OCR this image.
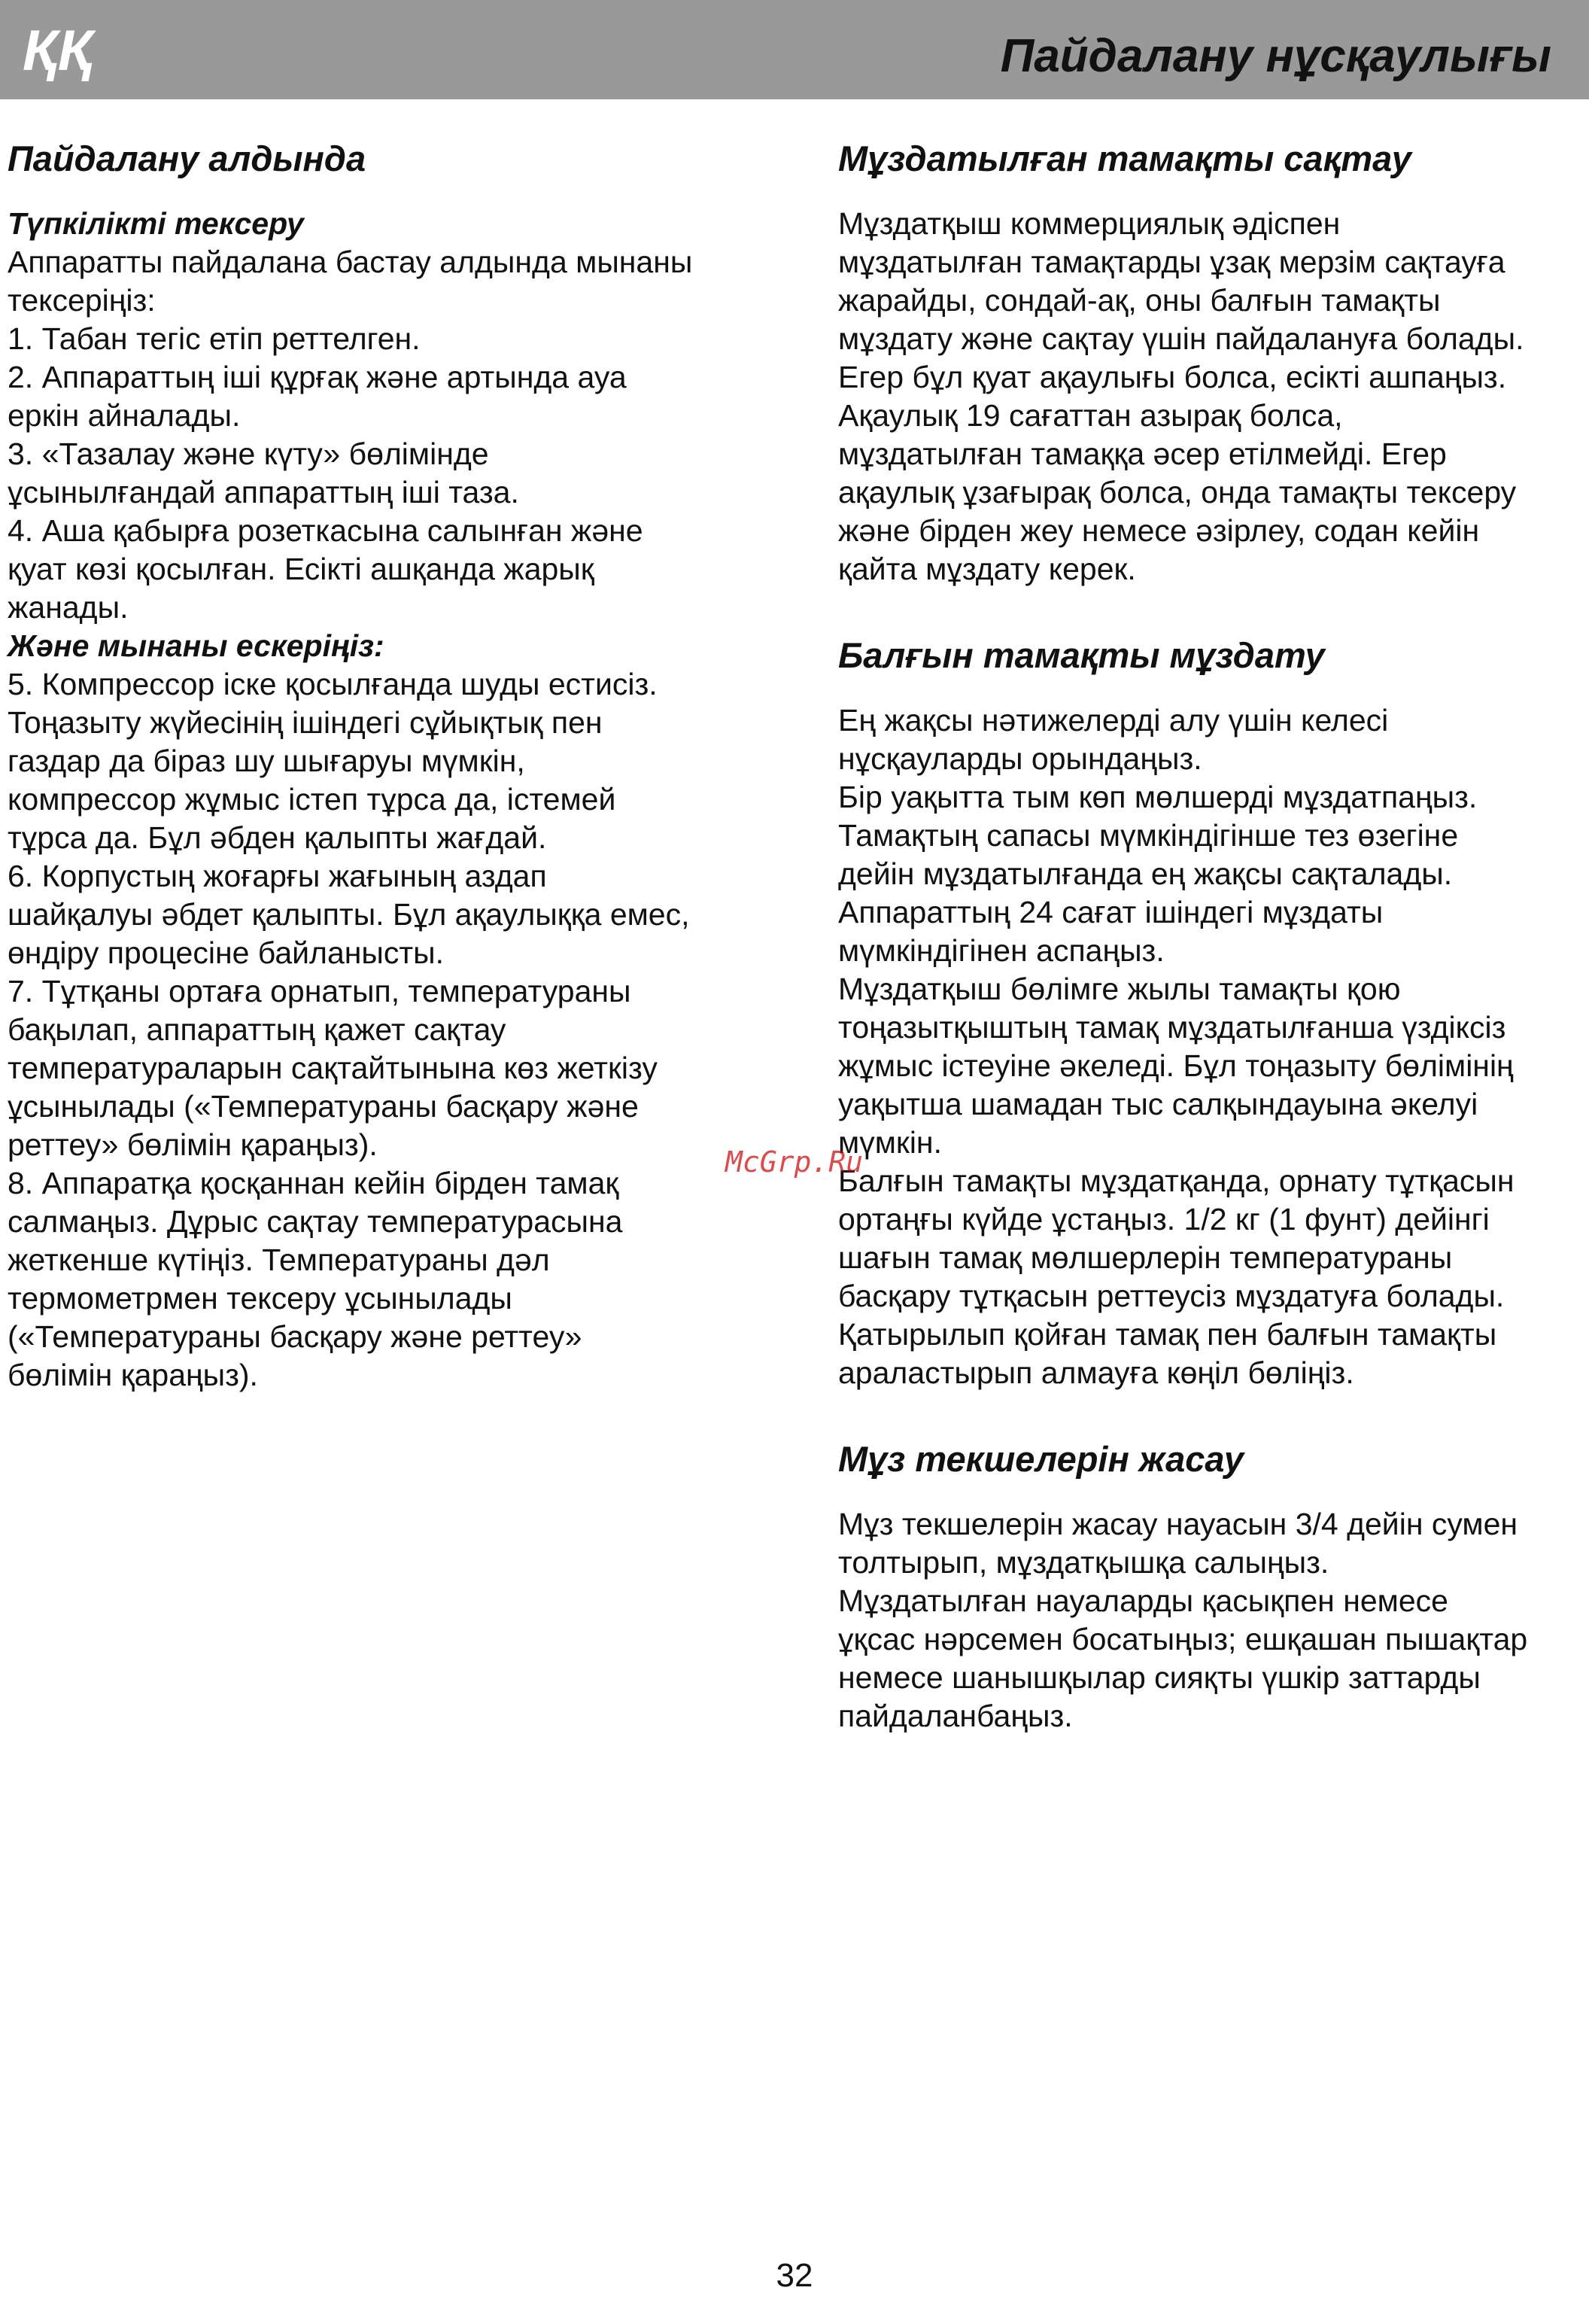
ҚҚ	Пайдалану нұсқаулығы
Пайдалану алдында
Түпкілікті тексеру
Аппаратты пайдалана бастау алдында мынаны
тексеріңіз:
1. Табан тегіс етіп реттелген.
2. Аппараттың іші құрғақ және артында ауа
еркін айналады.
3. «Тазалау және күту» бөлімінде
ұсынылғандай аппараттың іші таза.
4. Аша қабырға розеткасына салынған және
қуат көзі қосылған. Есікті ашқанда жарық
жанады.
Және мынаны ескеріңіз:
5. Компрессор іске қосылғанда шуды естисіз.
Тоңазыту жүйесінің ішіндегі сұйықтық пен
газдар да біраз шу шығаруы мүмкін,
компрессор жұмыс істеп тұрса да, істемей
тұрса да. Бұл әбден қалыпты жағдай.
6. Корпустың жоғарғы жағының аздап
шайқалуы әбдет қалыпты. Бұл ақаулыққа емес,
өндіру процесіне байланысты.
7. Тұтқаны ортаға орнатып, температураны
бақылап, аппараттың қажет сақтау
температураларын сақтайтынына көз жеткізу
ұсынылады («Температураны басқару және
реттеу» бөлімін қараңыз).
8. Аппаратқа қосқаннан кейін бірден тамақ
салмаңыз. Дұрыс сақтау температурасына
жеткенше күтіңіз. Температураны дәл
термометрмен тексеру ұсынылады
(«Температураны басқару және реттеу»
бөлімін қараңыз).
Мұздатылған тамақты сақтау
Мұздатқыш коммерциялық әдіспен
мұздатылған тамақтарды ұзақ мерзім сақтауға
жарайды, сондай-ақ, оны балғын тамақты
мұздату және сақтау үшін пайдалануға болады.
Егер бұл қуат ақаулығы болса, есікті ашпаңыз.
Ақаулық 19 сағаттан азырақ болса,
мұздатылған тамаққа әсер етілмейді. Егер
ақаулық ұзағырақ болса, онда тамақты тексеру
және бірден жеу немесе әзірлеу, содан кейін
қайта мұздату керек.
Балғын тамақты мұздату
Ең жақсы нәтижелерді алу үшін келесі
нұсқауларды орындаңыз.
Бір уақытта тым көп мөлшерді мұздатпаңыз.
Тамақтың сапасы мүмкіндігінше тез өзегіне
дейін мұздатылғанда ең жақсы сақталады.
Аппараттың 24 сағат ішіндегі мұздаты
мүмкіндігінен аспаңыз.
Мұздатқыш бөлімге жылы тамақты қою
тоңазытқыштың тамақ мұздатылғанша үздіксіз
жұмыс істеуіне әкеледі. Бұл тоңазыту бөлімінің
уақытша шамадан тыс салқындауына әкелуі
мүмкін.
Балғын тамақты мұздатқанда, орнату тұтқасын
ортаңғы күйде ұстаңыз. 1/2 кг (1 фунт) дейінгі
шағын тамақ мөлшерлерін температураны
басқару тұтқасын реттеусіз мұздатуға болады.
Қатырылып қойған тамақ пен балғын тамақты
араластырып алмауға көңіл бөліңіз.
Мұз текшелерін жасау
Мұз текшелерін жасау науасын 3/4 дейін сумен
толтырып, мұздатқышқа салыңыз.
Мұздатылған науаларды қасықпен немесе
ұқсас нәрсемен босатыңыз; ешқашан пышақтар
немесе шанышқылар сияқты үшкір заттарды
пайдаланбаңыз.
McGrp.Ru
32
